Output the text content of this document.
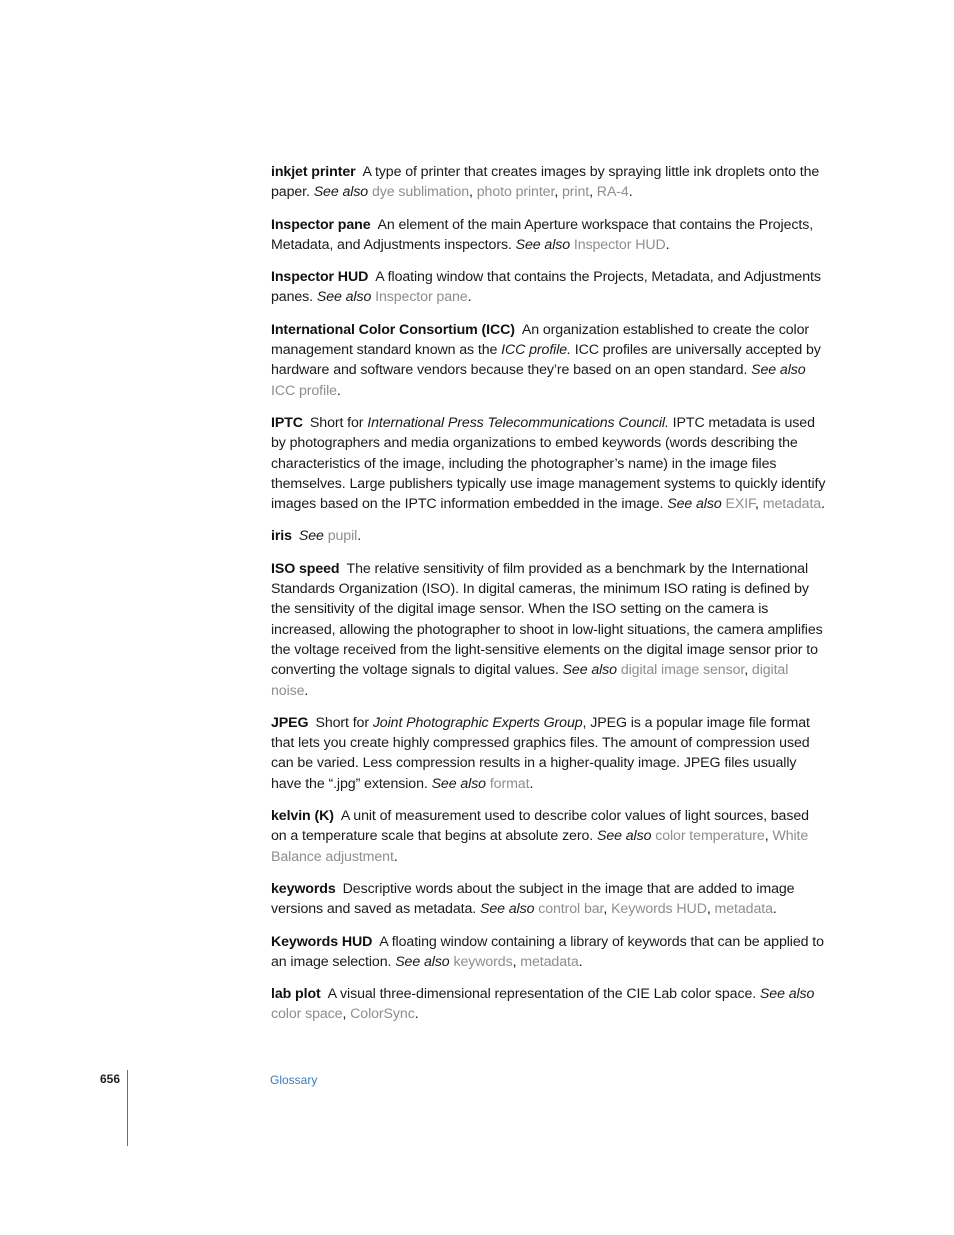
inkjet printer A type of printer that creates images by spraying little ink droplets onto the paper. See also dye sublimation, photo printer, print, RA-4.

Inspector pane An element of the main Aperture workspace that contains the Projects, Metadata, and Adjustments inspectors. See also Inspector HUD.

Inspector HUD A floating window that contains the Projects, Metadata, and Adjustments panes. See also Inspector pane.

International Color Consortium (ICC) An organization established to create the color management standard known as the ICC profile. ICC profiles are universally accepted by hardware and software vendors because they’re based on an open standard. See also ICC profile.

IPTC Short for International Press Telecommunications Council. IPTC metadata is used by photographers and media organizations to embed keywords (words describing the characteristics of the image, including the photographer’s name) in the image files themselves. Large publishers typically use image management systems to quickly identify images based on the IPTC information embedded in the image. See also EXIF, metadata.

iris See pupil.

ISO speed The relative sensitivity of film provided as a benchmark by the International Standards Organization (ISO). In digital cameras, the minimum ISO rating is defined by the sensitivity of the digital image sensor. When the ISO setting on the camera is increased, allowing the photographer to shoot in low-light situations, the camera amplifies the voltage received from the light-sensitive elements on the digital image sensor prior to converting the voltage signals to digital values. See also digital image sensor, digital noise.

JPEG Short for Joint Photographic Experts Group, JPEG is a popular image file format that lets you create highly compressed graphics files. The amount of compression used can be varied. Less compression results in a higher-quality image. JPEG files usually have the “.jpg” extension. See also format.

kelvin (K) A unit of measurement used to describe color values of light sources, based on a temperature scale that begins at absolute zero. See also color temperature, White Balance adjustment.

keywords Descriptive words about the subject in the image that are added to image versions and saved as metadata. See also control bar, Keywords HUD, metadata.

Keywords HUD A floating window containing a library of keywords that can be applied to an image selection. See also keywords, metadata.

lab plot A visual three-dimensional representation of the CIE Lab color space. See also color space, ColorSync.

656	Glossary
